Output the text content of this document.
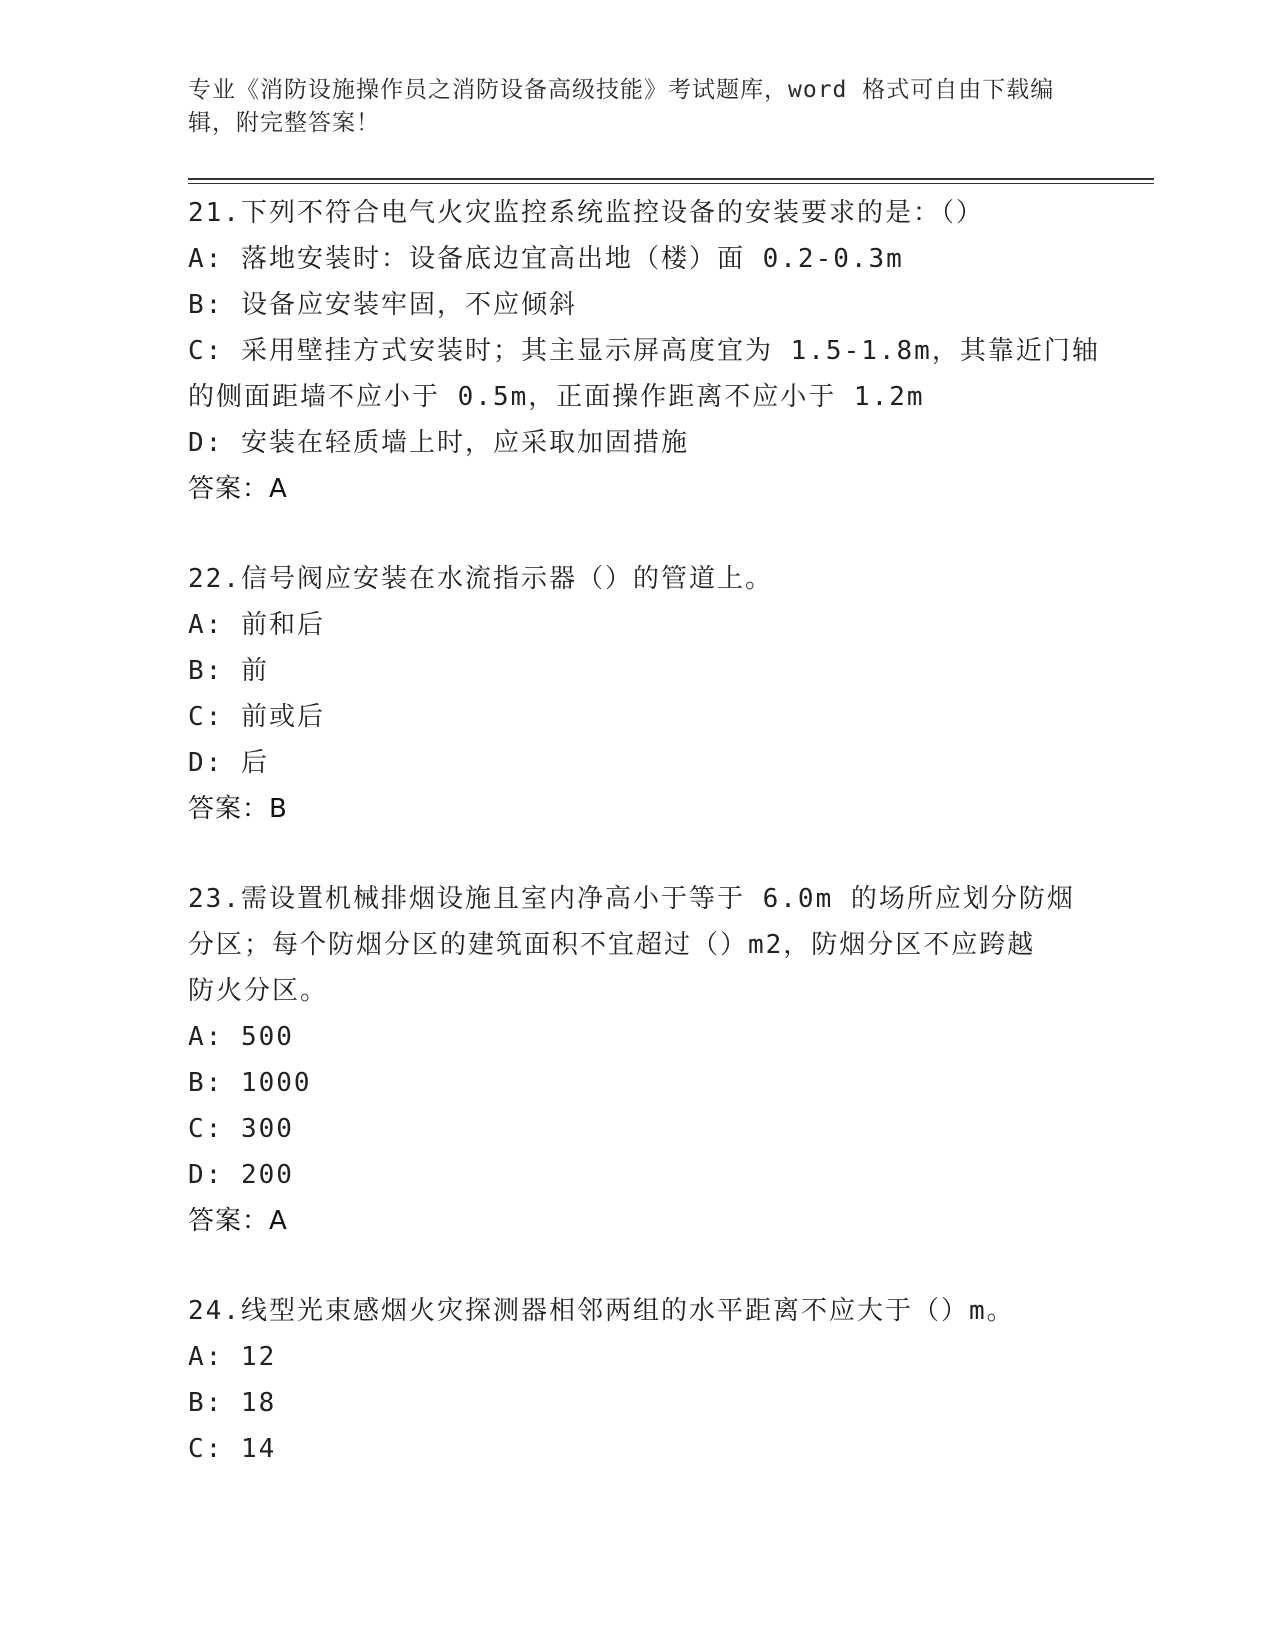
专业《消防设施操作员之消防设备高级技能》考试题库，word 格式可自由下载编
辑，附完整答案！
21.下列不符合电气火灾监控系统监控设备的安装要求的是：（）
A: 落地安装时：设备底边宜高出地（楼）面 0.2-0.3m
B: 设备应安装牢固，不应倾斜
C: 采用壁挂方式安装时；其主显示屏高度宜为 1.5-1.8m，其靠近门轴
的侧面距墙不应小于 0.5m，正面操作距离不应小于 1.2m
D: 安装在轻质墙上时，应采取加固措施
答案：A
22.信号阀应安装在水流指示器（）的管道上。
A: 前和后
B: 前
C: 前或后
D: 后
答案：B
23.需设置机械排烟设施且室内净高小于等于 6.0m 的场所应划分防烟
分区；每个防烟分区的建筑面积不宜超过（）m2，防烟分区不应跨越
防火分区。
A: 500
B: 1000
C: 300
D: 200
答案：A
24.线型光束感烟火灾探测器相邻两组的水平距离不应大于（）m。
A: 12
B: 18
C: 14
